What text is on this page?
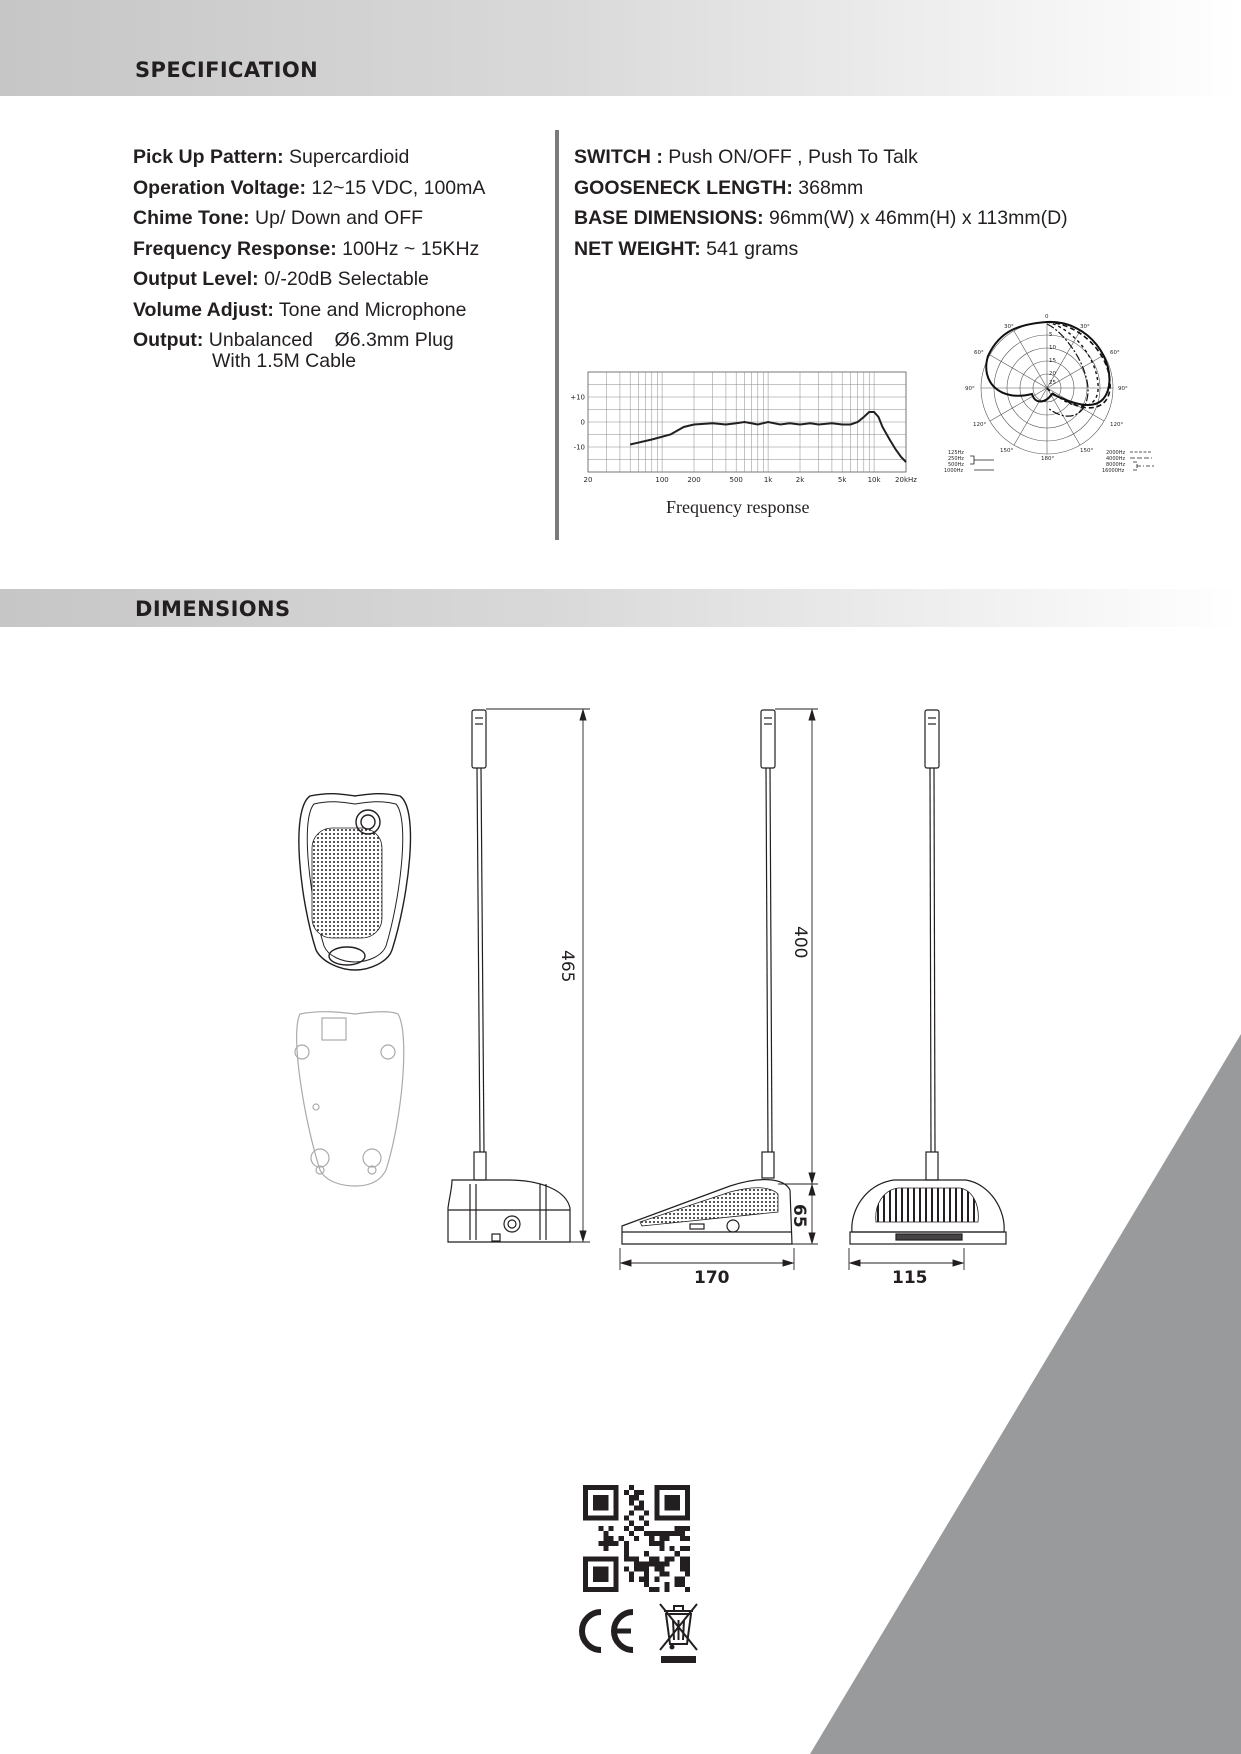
SPECIFICATION
Pick Up Pattern: Supercardioid
Operation Voltage: 12~15 VDC, 100mA
Chime Tone: Up/ Down and OFF
Frequency Response: 100Hz ~ 15KHz
Output Level: 0/-20dB Selectable
Volume Adjust: Tone and Microphone
Output: Unbalanced    Ø6.3mm Plug
With 1.5M Cable
SWITCH : Push ON/OFF , Push To Talk
GOOSENECK LENGTH: 368mm
BASE DIMENSIONS: 96mm(W) x 46mm(H) x 113mm(D)
NET WEIGHT: 541 grams
20	100	200	500	1k	2k	5k	10k 20kHz
+10
0
-10
Frequency response
0
30°	30°
60°	60°
90°	90°
120°	120°
150°	150°
180°
5
10
15
20
25
125Hz
250Hz
500Hz
1000Hz
2000Hz
4000Hz
8000Hz
16000Hz
DIMENSIONS
465
400
65
170	115
